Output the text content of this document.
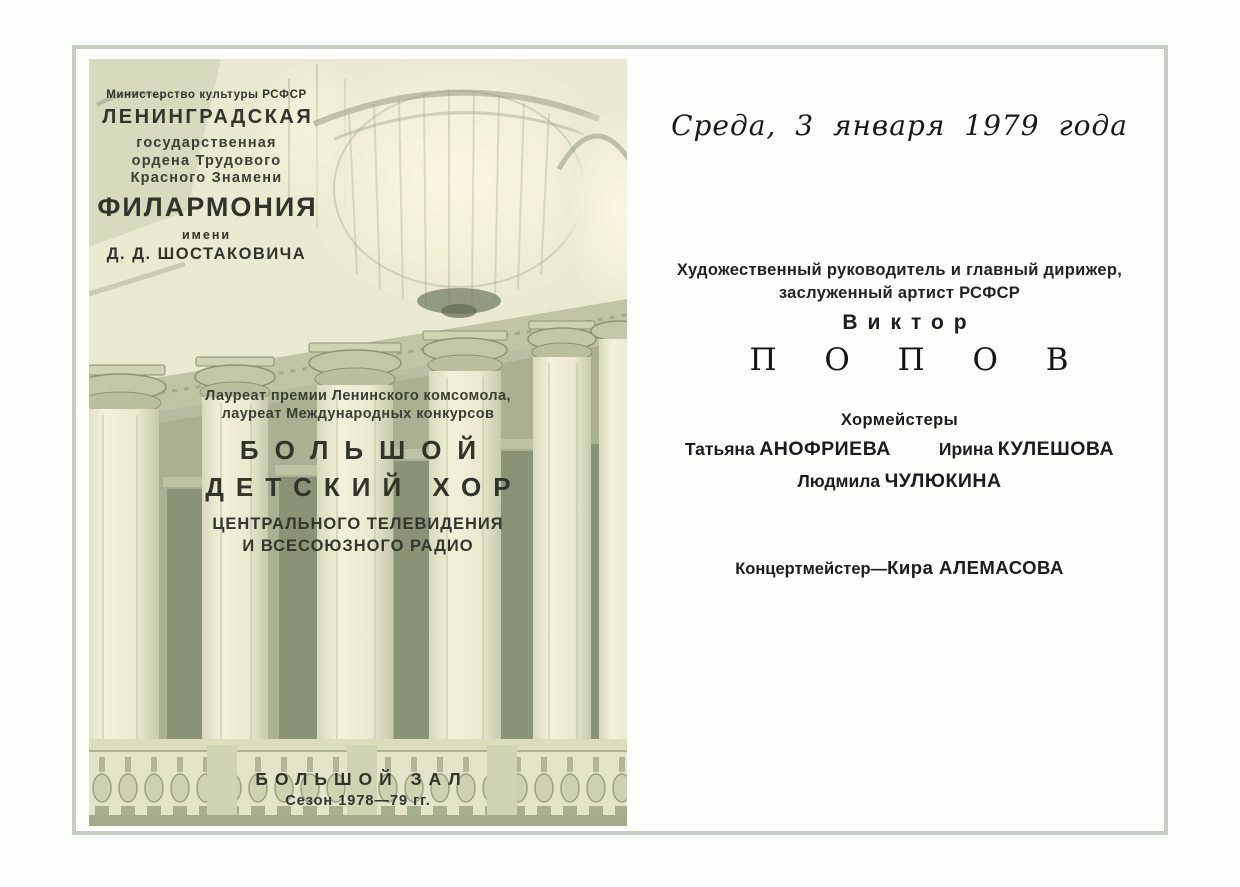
Министерство культуры РСФСР
ЛЕНИНГРАДСКАЯ
государственная
ордена Трудового
Красного Знамени
ФИЛАРМОНИЯ
имени
Д. Д. ШОСТАКОВИЧА
Лауреат премии Ленинского комсомола,
лауреат Международных конкурсов
БОЛЬШОЙ
ДЕТСКИЙ ХОР
ЦЕНТРАЛЬНОГО ТЕЛЕВИДЕНИЯ
И ВСЕСОЮЗНОГО РАДИО
БОЛЬШОЙ ЗАЛ
Сезон 1978—79 гг.
Среда, 3 января 1979 года
Художественный руководитель и главный дирижер,
заслуженный артист РСФСР
Виктор
П О П О В
Хормейстеры
Татьяна АНОФРИЕВА	Ирина КУЛЕШОВА
Людмила ЧУЛЮКИНА
Концертмейстер—Кира АЛЕМАСОВА
